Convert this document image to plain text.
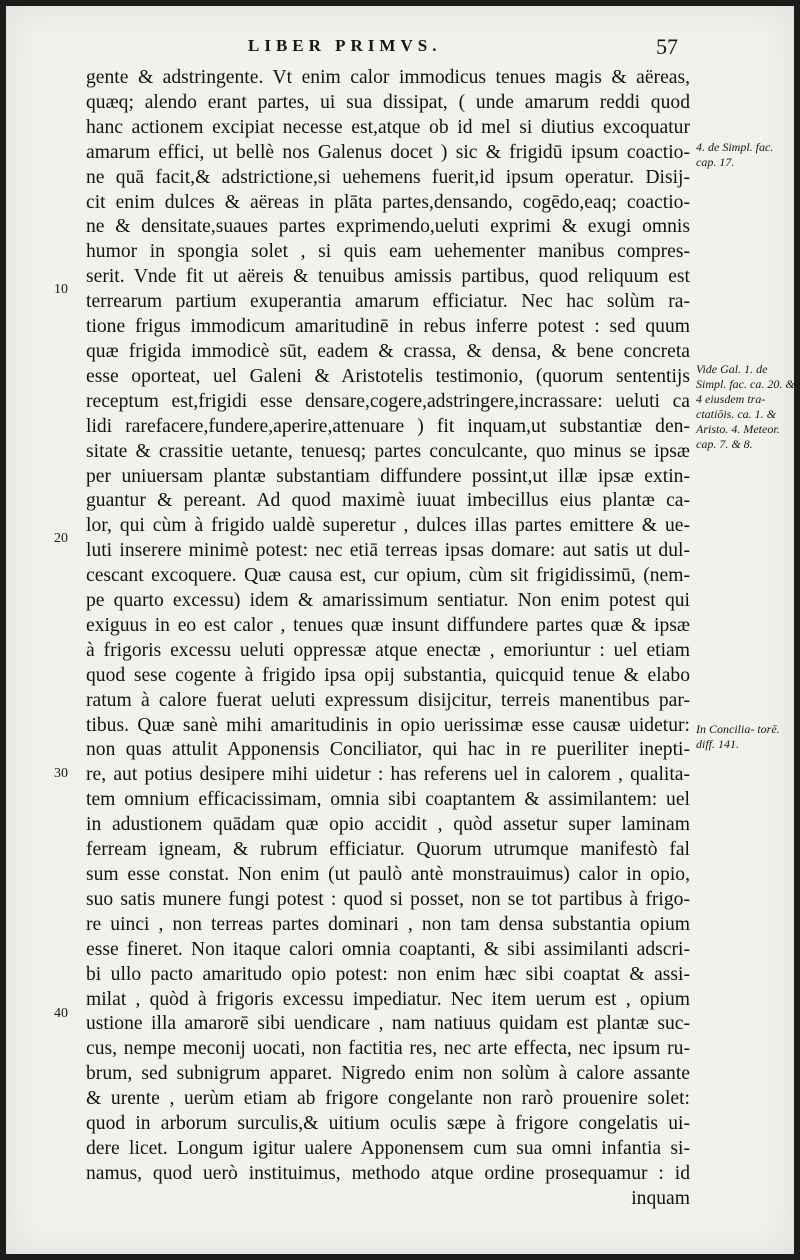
LIBER PRIMVS.	57
10
20
30
40
gente & adstringente. Vt enim calor immodicus tenues magis & aëreas,
quæq; alendo erant partes, ui sua dissipat, ( unde amarum reddi quod
hanc actionem excipiat necesse est,atque ob id mel si diutius excoquatur
amarum effici, ut bellè nos Galenus docet ) sic & frigidū ipsum coactio-
ne quā facit,& adstrictione,si uehemens fuerit,id ipsum operatur. Disij-
cit enim dulces & aëreas in plāta partes,densando, cogēdo,eaq; coactio-
ne & densitate,suaues partes exprimendo,ueluti exprimi & exugi omnis
humor in spongia solet , si quis eam uehementer manibus compres-
serit. Vnde fit ut aëreis & tenuibus amissis partibus, quod reliquum est
terrearum partium exuperantia amarum efficiatur. Nec hac solùm ra-
tione frigus immodicum amaritudinē in rebus inferre potest : sed quum
quæ frigida immodicè sūt, eadem & crassa, & densa, & bene concreta
esse oporteat, uel Galeni & Aristotelis testimonio, (quorum sententijs
receptum est,frigidi esse densare,cogere,adstringere,incrassare: ueluti ca
lidi rarefacere,fundere,aperire,attenuare ) fit inquam,ut substantiæ den-
sitate & crassitie uetante, tenuesq; partes conculcante, quo minus se ipsæ
per uniuersam plantæ substantiam diffundere possint,ut illæ ipsæ extin-
guantur & pereant. Ad quod maximè iuuat imbecillus eius plantæ ca-
lor, qui cùm à frigido ualdè superetur , dulces illas partes emittere & ue-
luti inserere minimè potest: nec etiā terreas ipsas domare: aut satis ut dul-
cescant excoquere. Quæ causa est, cur opium, cùm sit frigidissimū, (nem-
pe quarto excessu) idem & amarissimum sentiatur. Non enim potest qui
exiguus in eo est calor , tenues quæ insunt diffundere partes quæ & ipsæ
à frigoris excessu ueluti oppressæ atque enectæ , emoriuntur : uel etiam
quod sese cogente à frigido ipsa opij substantia, quicquid tenue & elabo
ratum à calore fuerat ueluti expressum disijcitur, terreis manentibus par-
tibus. Quæ sanè mihi amaritudinis in opio uerissimæ esse causæ uidetur:
non quas attulit Apponensis Conciliator, qui hac in re pueriliter inepti-
re, aut potius desipere mihi uidetur : has referens uel in calorem , qualita-
tem omnium efficacissimam, omnia sibi coaptantem & assimilantem: uel
in adustionem quādam quæ opio accidit , quòd assetur super laminam
ferream igneam, & rubrum efficiatur. Quorum utrumque manifestò fal
sum esse constat. Non enim (ut paulò antè monstrauimus) calor in opio,
suo satis munere fungi potest : quod si posset, non se tot partibus à frigo-
re uinci , non terreas partes dominari , non tam densa substantia opium
esse fineret. Non itaque calori omnia coaptanti, & sibi assimilanti adscri-
bi ullo pacto amaritudo opio potest: non enim hæc sibi coaptat & assi-
milat , quòd à frigoris excessu impediatur. Nec item uerum est , opium
ustione illa amarorē sibi uendicare , nam natiuus quidam est plantæ suc-
cus, nempe meconij uocati, non factitia res, nec arte effecta, nec ipsum ru-
brum, sed subnigrum apparet. Nigredo enim non solùm à calore assante
& urente , uerùm etiam ab frigore congelante non rarò prouenire solet:
quod in arborum surculis,& uitium oculis sæpe à frigore congelatis ui-
dere licet. Longum igitur ualere Apponensem cum sua omni infantia si-
namus, quod uerò instituimus, methodo atque ordine prosequamur : id
inquam
4. de Simpl. fac. cap. 17.
Vide Gal. 1. de Simpl. fac. ca. 20. & 4 eiusdem tra- ctatiōis. ca. 1. & Aristo. 4. Meteor. cap. 7. & 8.
In Concilia- torē. diff. 141.
